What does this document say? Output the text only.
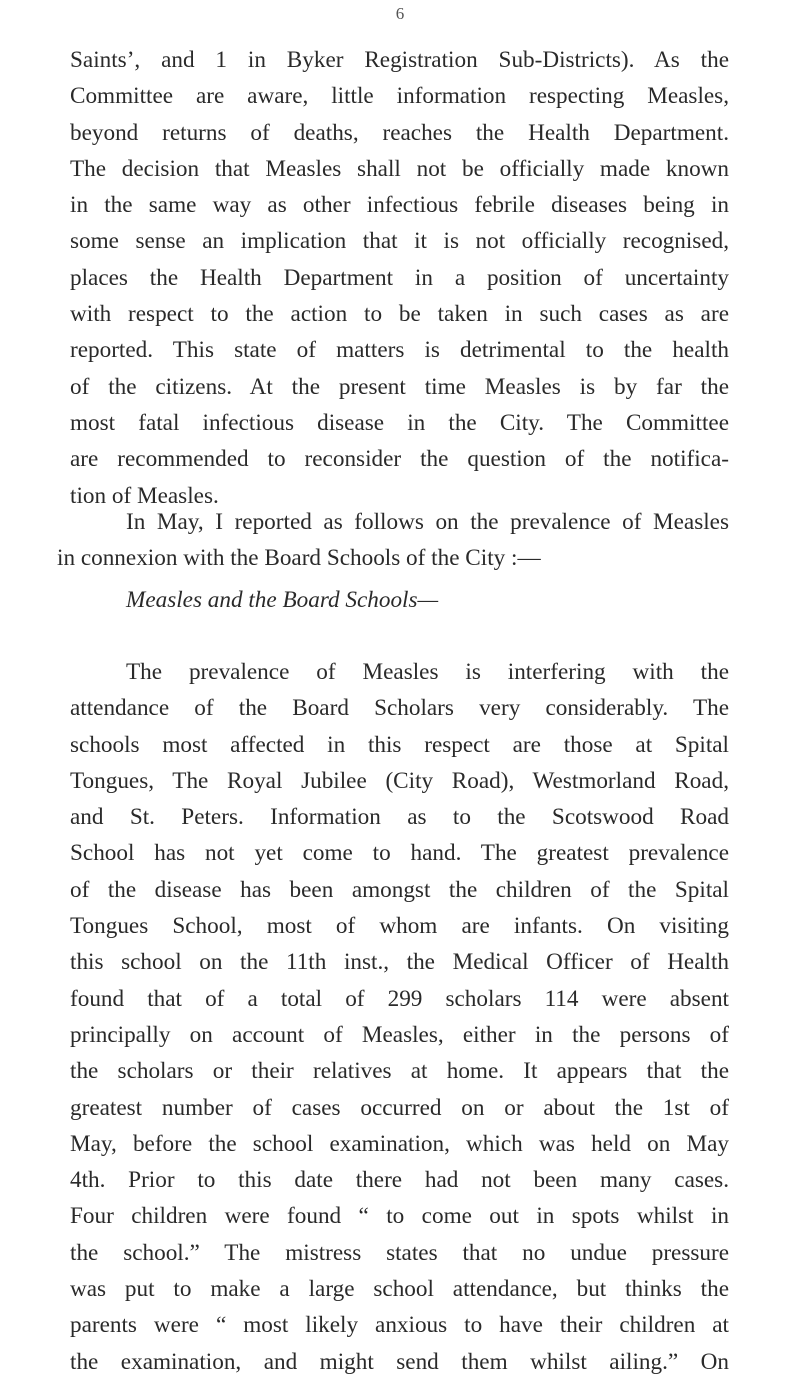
6
Saints’, and 1 in Byker Registration Sub-Districts). As the
Committee are aware, little information respecting Measles,
beyond returns of deaths, reaches the Health Department.
The decision that Measles shall not be officially made known
in the same way as other infectious febrile diseases being in
some sense an implication that it is not officially recognised,
places the Health Department in a position of uncertainty
with respect to the action to be taken in such cases as are
reported. This state of matters is detrimental to the health
of the citizens. At the present time Measles is by far the
most fatal infectious disease in the City. The Committee
are recommended to reconsider the question of the notifica-
tion of Measles.
In May, I reported as follows on the prevalence of Measles
in connexion with the Board Schools of the City :—
Measles and the Board Schools—
The prevalence of Measles is interfering with the
attendance of the Board Scholars very considerably. The
schools most affected in this respect are those at Spital
Tongues, The Royal Jubilee (City Road), Westmorland Road,
and St. Peters. Information as to the Scotswood Road
School has not yet come to hand. The greatest prevalence
of the disease has been amongst the children of the Spital
Tongues School, most of whom are infants. On visiting
this school on the 11th inst., the Medical Officer of Health
found that of a total of 299 scholars 114 were absent
principally on account of Measles, either in the persons of
the scholars or their relatives at home. It appears that the
greatest number of cases occurred on or about the 1st of
May, before the school examination, which was held on May
4th. Prior to this date there had not been many cases.
Four children were found “ to come out in spots whilst in
the school.” The mistress states that no undue pressure
was put to make a large school attendance, but thinks the
parents were “ most likely anxious to have their children at
the examination, and might send them whilst ailing.” On
